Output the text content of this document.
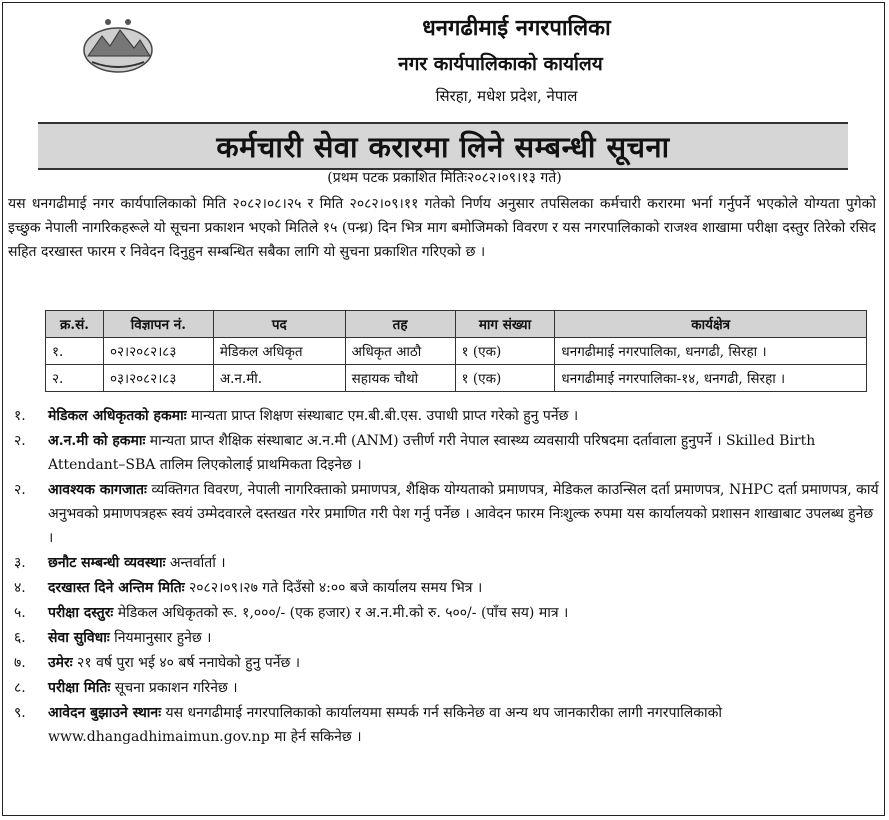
धनगढीमाई नगरपालिका
नगर कार्यपालिकाको कार्यालय
सिरहा, मधेश प्रदेश, नेपाल
कर्मचारी सेवा करारमा लिने सम्बन्धी सूचना
(प्रथम पटक प्रकाशित मितिः२०८२।०९।१३ गते)
यस धनगढीमाई नगर कार्यपालिकाको मिति २०८२।०८।२५ र मिति २०८२।०९।११ गतेको निर्णय अनुसार तपसिलका कर्मचारी करारमा भर्ना गर्नुपर्ने भएकोले योग्यता पुगेको इच्छुक नेपाली नागरिकहरूले यो सूचना प्रकाशन भएको मितिले १५ (पन्ध्र) दिन भित्र माग बमोजिमको विवरण र यस नगरपालिकाको राजश्व शाखामा परीक्षा दस्तुर तिरेको रसिद सहित दरखास्त फारम र निवेदन दिनुहुन सम्बन्धित सबैका लागि यो सुचना प्रकाशित गरिएको छ ।
क्र.सं.	विज्ञापन नं.	पद	तह	माग संख्या	कार्यक्षेत्र
१.	०२।२०८२।८३	मेडिकल अधिकृत	अधिकृत आठौ	१ (एक)	धनगढीमाई नगरपालिका, धनगढी, सिरहा ।
२.	०३।२०८२।८३	अ.न.मी.	सहायक चौथो	१ (एक)	धनगढीमाई नगरपालिका-१४, धनगढी, सिरहा ।
१.	मेडिकल अधिकृतको हकमाः मान्यता प्राप्त शिक्षण संस्थाबाट एम.बी.बी.एस. उपाधी प्राप्त गरेको हुनु पर्नेछ ।
२.	अ.न.मी को हकमाः मान्यता प्राप्त शैक्षिक संस्थाबाट अ.न.मी (ANM) उत्तीर्ण गरी नेपाल स्वास्थ्य व्यवसायी परिषदमा दर्तावाला हुनुपर्ने । Skilled Birth Attendant–SBA तालिम लिएकोलाई प्राथमिकता दिइनेछ ।
२.	आवश्यक कागजातः व्यक्तिगत विवरण, नेपाली नागरिक्ताको प्रमाणपत्र, शैक्षिक योग्यताको प्रमाणपत्र, मेडिकल काउन्सिल दर्ता प्रमाणपत्र, NHPC दर्ता प्रमाणपत्र, कार्य अनुभवको प्रमाणपत्रहरू स्वयं उम्मेदवारले दस्तखत गरेर प्रमाणित गरी पेश गर्नु पर्नेछ । आवेदन फारम निःशुल्क रुपमा यस कार्यालयको प्रशासन शाखाबाट उपलब्ध हुनेछ ।
३.	छनौट सम्बन्धी व्यवस्थाः अन्तर्वार्ता ।
४.	दरखास्त दिने अन्तिम मितिः २०८२।०९।२७ गते दिउँसो ४:०० बजे कार्यालय समय भित्र ।
५.	परीक्षा दस्तुरः मेडिकल अधिकृतको रू. १,०००/- (एक हजार) र अ.न.मी.को रु. ५००/- (पाँच सय) मात्र ।
६.	सेवा सुविधाः नियमानुसार हुनेछ ।
७.	उमेरः २१ वर्ष पुरा भई ४० बर्ष ननाघेको हुनु पर्नेछ ।
८.	परीक्षा मितिः सूचना प्रकाशन गरिनेछ ।
९.	आवेदन बुझाउने स्थानः यस धनगढीमाई नगरपालिकाको कार्यालयमा सम्पर्क गर्न सकिनेछ वा अन्य थप जानकारीका लागी नगरपालिकाको www.dhangadhimaimun.gov.np मा हेर्न सकिनेछ ।
